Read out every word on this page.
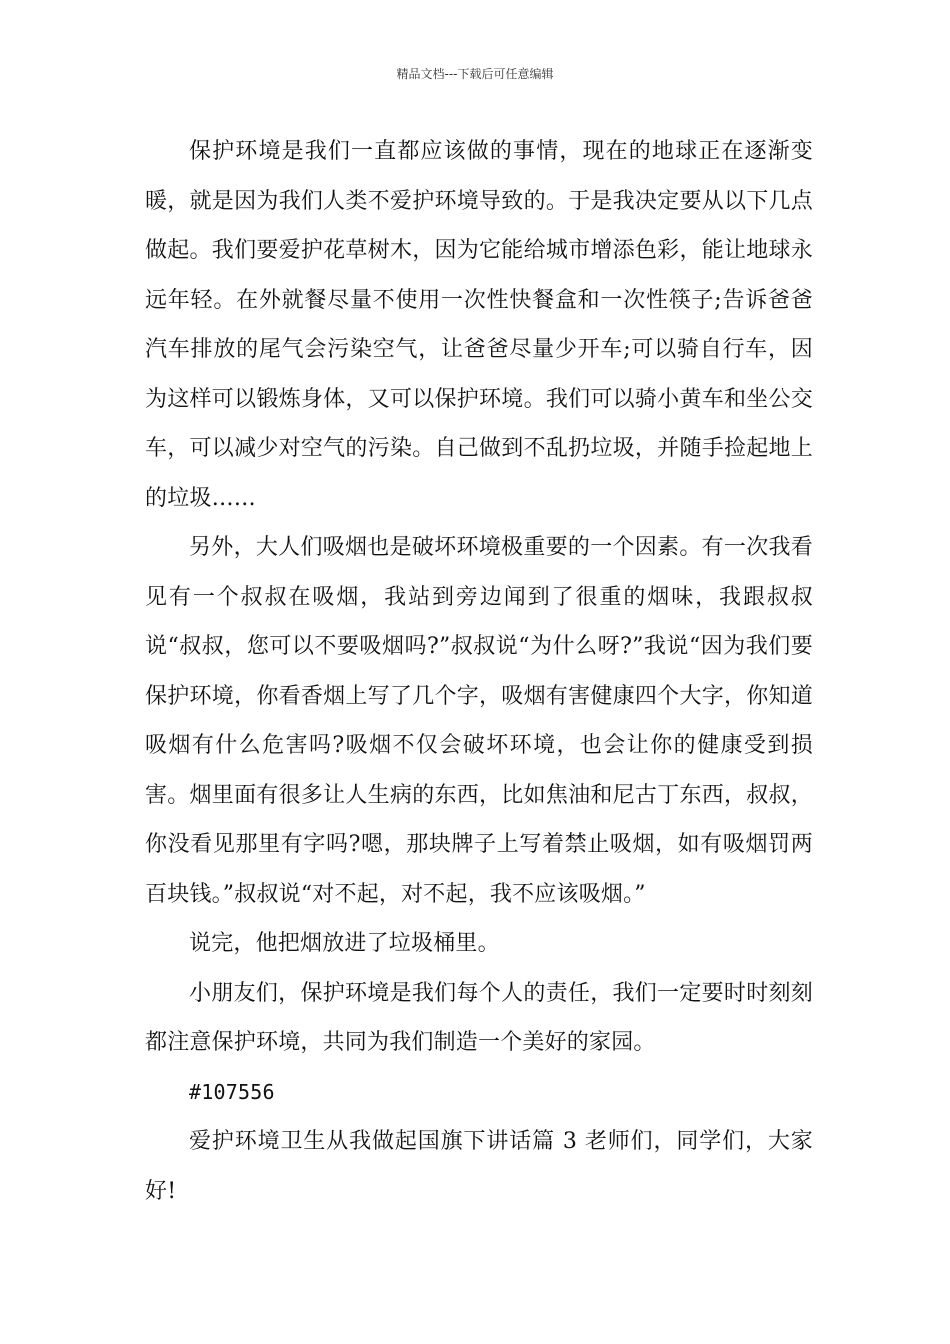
精品文档---下载后可任意编辑

保护环境是我们一直都应该做的事情，现在的地球正在逐渐变暖，就是因为我们人类不爱护环境导致的。于是我决定要从以下几点做起。我们要爱护花草树木，因为它能给城市增添色彩，能让地球永远年轻。在外就餐尽量不使用一次性快餐盒和一次性筷子;告诉爸爸汽车排放的尾气会污染空气，让爸爸尽量少开车;可以骑自行车，因为这样可以锻炼身体，又可以保护环境。我们可以骑小黄车和坐公交车，可以减少对空气的污染。自己做到不乱扔垃圾，并随手捡起地上的垃圾……

另外，大人们吸烟也是破坏环境极重要的一个因素。有一次我看见有一个叔叔在吸烟，我站到旁边闻到了很重的烟味，我跟叔叔说“叔叔，您可以不要吸烟吗?”叔叔说“为什么呀?”我说“因为我们要保护环境，你看香烟上写了几个字，吸烟有害健康四个大字，你知道吸烟有什么危害吗?吸烟不仅会破坏环境，也会让你的健康受到损害。烟里面有很多让人生病的东西，比如焦油和尼古丁东西，叔叔，你没看见那里有字吗?嗯，那块牌子上写着禁止吸烟，如有吸烟罚两百块钱。”叔叔说“对不起，对不起，我不应该吸烟。”

说完，他把烟放进了垃圾桶里。

小朋友们，保护环境是我们每个人的责任，我们一定要时时刻刻都注意保护环境，共同为我们制造一个美好的家园。

#107556

爱护环境卫生从我做起国旗下讲话篇 3 老师们，同学们，大家好!
